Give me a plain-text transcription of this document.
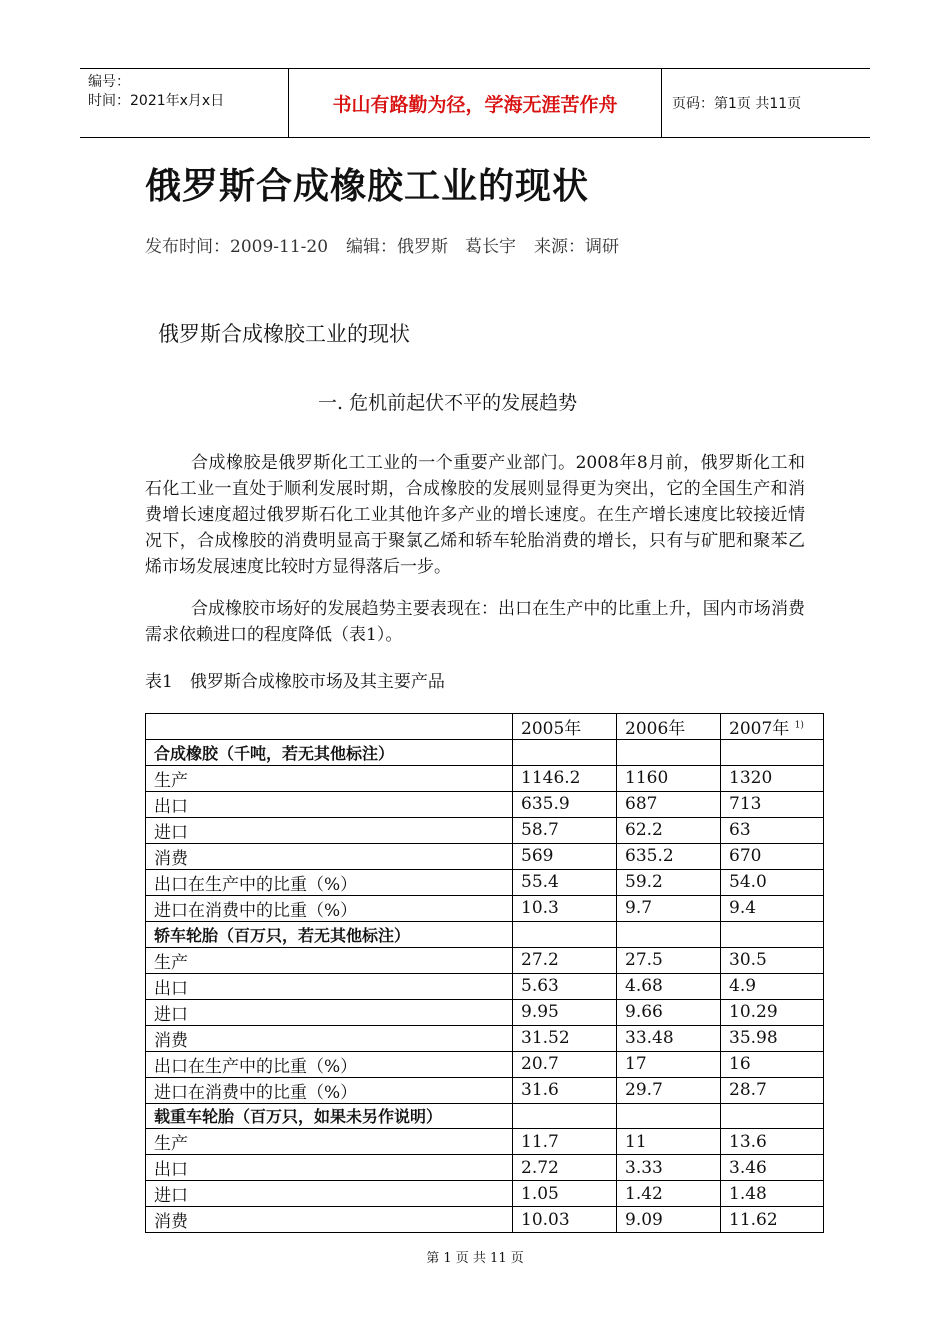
编号：
时间：2021年x月x日	书山有路勤为径，学海无涯苦作舟	页码：第1页 共11页
俄罗斯合成橡胶工业的现状
发布时间：2009-11-20 编辑：俄罗斯　葛长宇 来源：调研
俄罗斯合成橡胶工业的现状
一. 危机前起伏不平的发展趋势
合成橡胶是俄罗斯化工工业的一个重要产业部门。2008年8月前，俄罗斯化工和石化工业一直处于顺利发展时期，合成橡胶的发展则显得更为突出，它的全国生产和消费增长速度超过俄罗斯石化工业其他许多产业的增长速度。在生产增长速度比较接近情况下，合成橡胶的消费明显高于聚氯乙烯和轿车轮胎消费的增长，只有与矿肥和聚苯乙烯市场发展速度比较时方显得落后一步。
合成橡胶市场好的发展趋势主要表现在：出口在生产中的比重上升，国内市场消费需求依赖进口的程度降低（表1）。
表1　俄罗斯合成橡胶市场及其主要产品
	2005年	2006年	2007年 $^{1)}$
合成橡胶（千吨，若无其他标注）			
生产	1146.2	1160	1320
出口	635.9	687	713
进口	58.7	62.2	63
消费	569	635.2	670
出口在生产中的比重（%）	55.4	59.2	54.0
进口在消费中的比重（%）	10.3	9.7	9.4
轿车轮胎（百万只，若无其他标注）			
生产	27.2	27.5	30.5
出口	5.63	4.68	4.9
进口	9.95	9.66	10.29
消费	31.52	33.48	35.98
出口在生产中的比重（%）	20.7	17	16
进口在消费中的比重（%）	31.6	29.7	28.7
载重车轮胎（百万只，如果未另作说明）			
生产	11.7	11	13.6
出口	2.72	3.33	3.46
进口	1.05	1.42	1.48
消费	10.03	9.09	11.62
第 1 页 共 11 页
